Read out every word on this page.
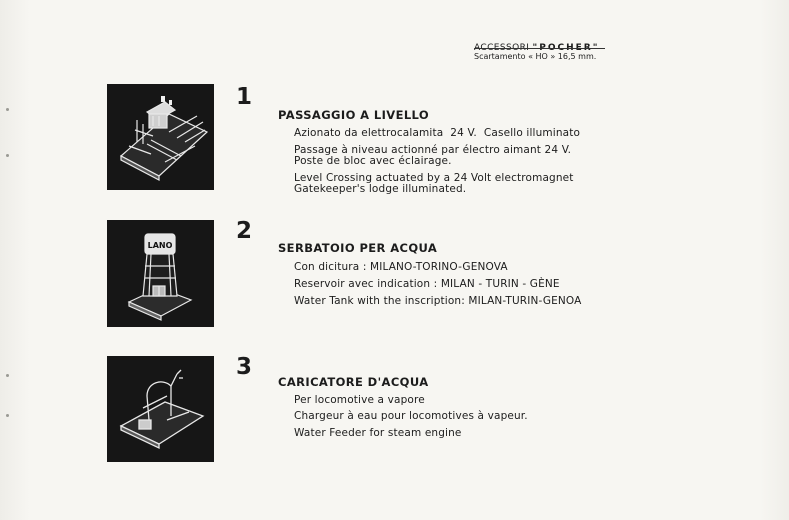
ACCESSORI "POCHER"
Scartamento « HO » 16,5 mm.
1
PASSAGGIO A LIVELLO
Azionato da elettrocalamita  24 V.  Casello illuminato
Passage à niveau actionné par électro aimant 24 V.
Poste de bloc avec éclairage.
Level Crossing actuated by a 24 Volt electromagnet
Gatekeeper's lodge illuminated.
LANO
2
SERBATOIO PER ACQUA
Con dicitura : MILANO-TORINO-GENOVA
Reservoir avec indication : MILAN - TURIN - GÈNE
Water Tank with the inscription: MILAN-TURIN-GENOA
3
CARICATORE D'ACQUA
Per locomotive a vapore
Chargeur à eau pour locomotives à vapeur.
Water Feeder for steam engine
